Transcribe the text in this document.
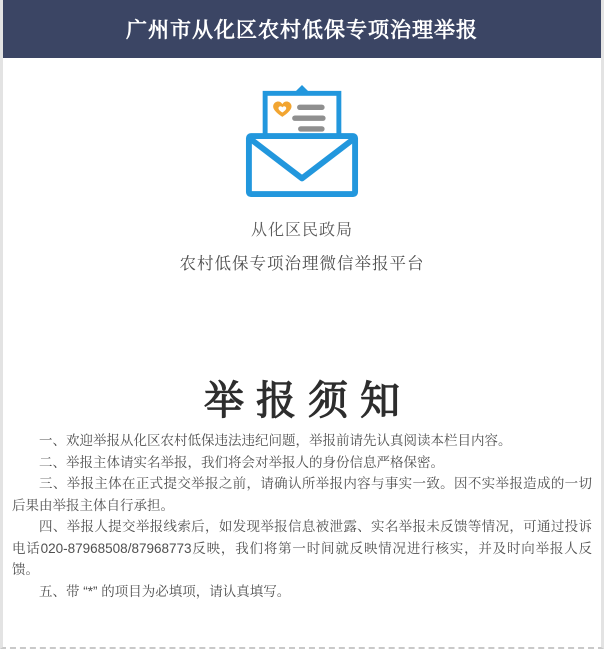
广州市从化区农村低保专项治理举报

从化区民政局

农村低保专项治理微信举报平台

举报须知

一、欢迎举报从化区农村低保违法违纪问题，举报前请先认真阅读本栏目内容。

二、举报主体请实名举报，我们将会对举报人的身份信息严格保密。

三、举报主体在正式提交举报之前，请确认所举报内容与事实一致。因不实举报造成的一切后果由举报主体自行承担。

四、举报人提交举报线索后，如发现举报信息被泄露、实名举报未反馈等情况，可通过投诉电话020-87968508/87968773反映，我们将第一时间就反映情况进行核实，并及时向举报人反馈。

五、带 “*” 的项目为必填项，请认真填写。
